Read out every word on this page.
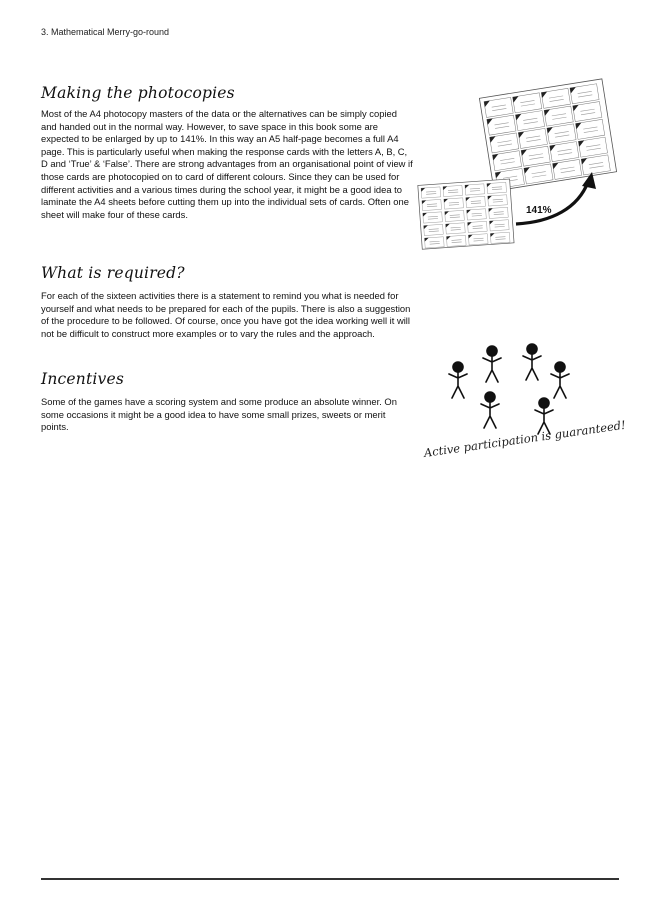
3. Mathematical Merry-go-round
Making the photocopies

Most of the A4 photocopy masters of the data or the alternatives can be simply copied and handed out in the normal way. However, to save space in this book some are expected to be enlarged by up to 141%. In this way an A5 half-page becomes a full A4 page. This is particularly useful when making the response cards with the letters A, B, C, D and ‘True’ & ‘False’. There are strong advantages from an organisational point of view if those cards are photocopied on to card of different colours. Since they can be used for different activities and a various times during the school year, it might be a good idea to laminate the A4 sheets before cutting them up into the individual sets of cards. Often one sheet will make four of these cards.

What is required?

For each of the sixteen activities there is a statement to remind you what is needed for yourself and what needs to be prepared for each of the pupils. There is also a suggestion of the procedure to be followed. Of course, once you have got the idea working well it will not be difficult to construct more examples or to vary the rules and the approach.

Incentives

Some of the games have a scoring system and some produce an absolute winner. On some occasions it might be a good idea to have some small prizes, sweets or merit points.

141%
Active participation is guaranteed!
